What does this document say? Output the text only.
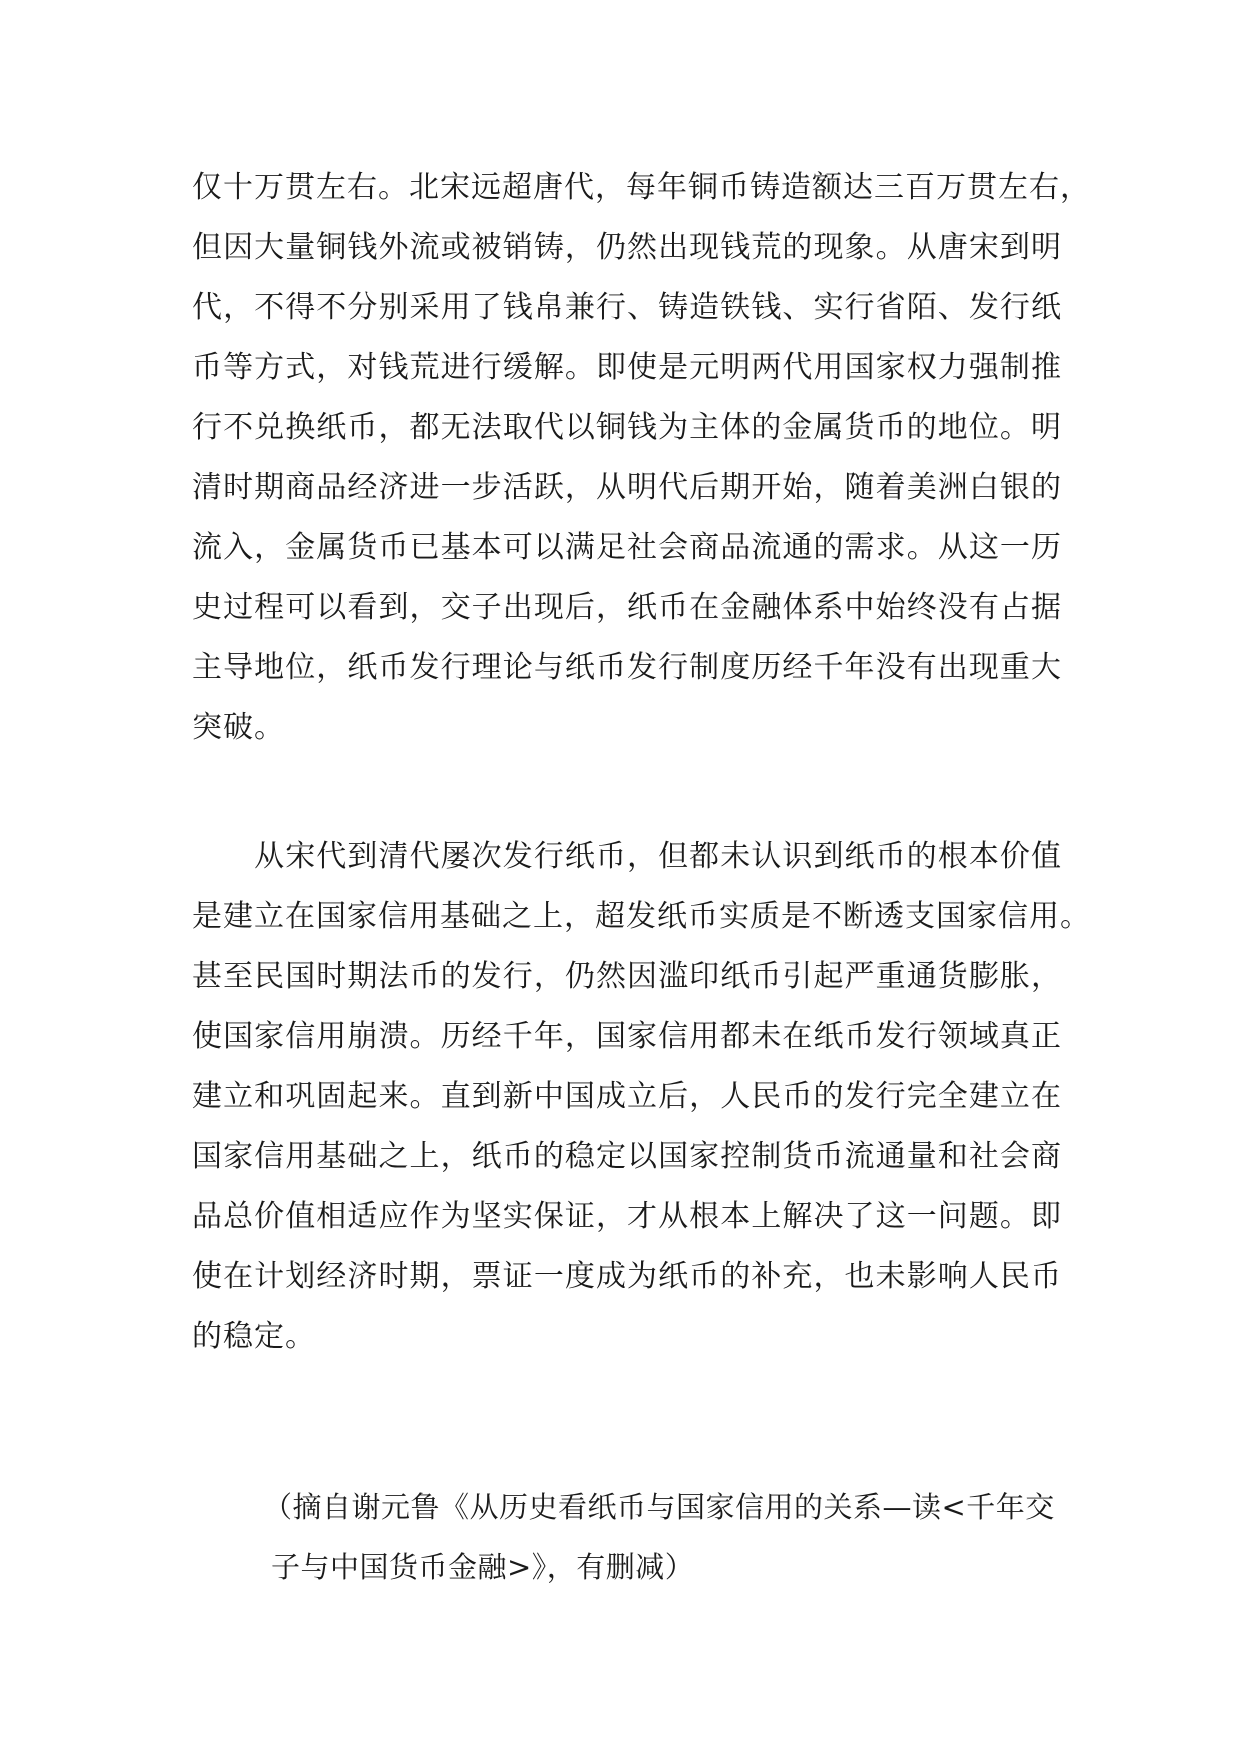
仅十万贯左右。北宋远超唐代，每年铜币铸造额达三百万贯左右，
但因大量铜钱外流或被销铸，仍然出现钱荒的现象。从唐宋到明
代，不得不分别采用了钱帛兼行、铸造铁钱、实行省陌、发行纸
币等方式，对钱荒进行缓解。即使是元明两代用国家权力强制推
行不兑换纸币，都无法取代以铜钱为主体的金属货币的地位。明
清时期商品经济进一步活跃，从明代后期开始，随着美洲白银的
流入，金属货币已基本可以满足社会商品流通的需求。从这一历
史过程可以看到，交子出现后，纸币在金融体系中始终没有占据
主导地位，纸币发行理论与纸币发行制度历经千年没有出现重大
突破。
　　从宋代到清代屡次发行纸币，但都未认识到纸币的根本价值
是建立在国家信用基础之上，超发纸币实质是不断透支国家信用。
甚至民国时期法币的发行，仍然因滥印纸币引起严重通货膨胀，
使国家信用崩溃。历经千年，国家信用都未在纸币发行领域真正
建立和巩固起来。直到新中国成立后，人民币的发行完全建立在
国家信用基础之上，纸币的稳定以国家控制货币流通量和社会商
品总价值相适应作为坚实保证，才从根本上解决了这一问题。即
使在计划经济时期，票证一度成为纸币的补充，也未影响人民币
的稳定。
（摘自谢元鲁《从历史看纸币与国家信用的关系—读<千年交
子与中国货币金融>》，有删减）
